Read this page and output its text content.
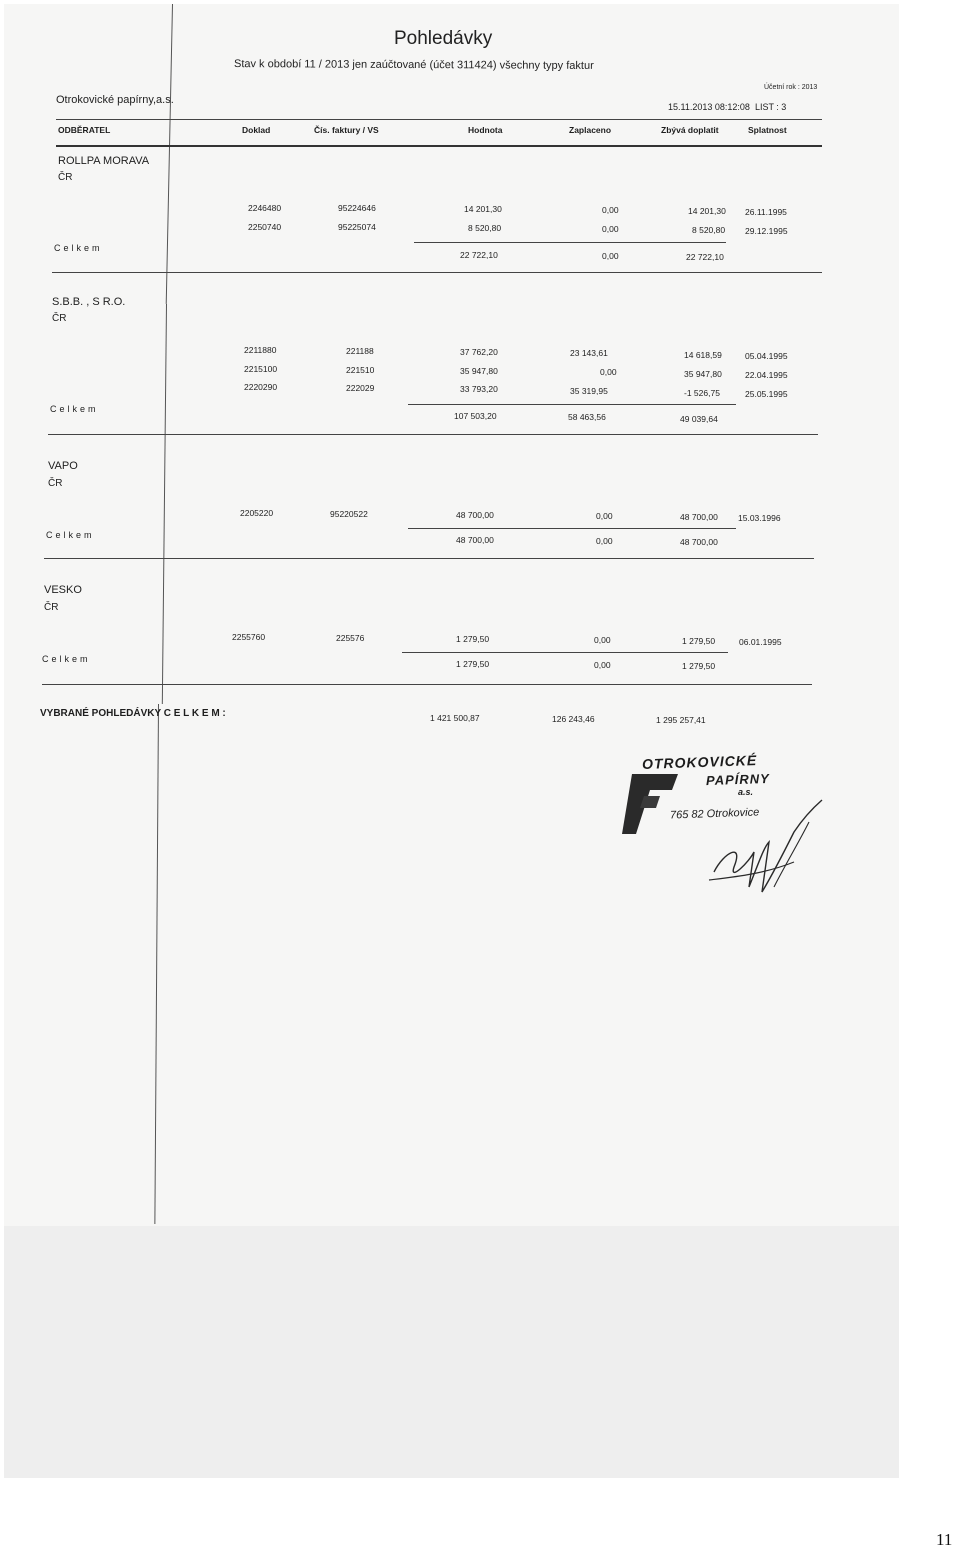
Pohledávky
Stav k období 11 / 2013 jen zaúčtované (účet 311424) všechny typy faktur
Otrokovické papírny,a.s.
Účetní rok : 2013
15.11.2013 08:12:08 LIST : 3
ODBĚRATEL	Doklad	Čís. faktury / VS	Hodnota	Zaplaceno	Zbývá doplatit	Splatnost
ROLLPA MORAVA
ČR
2246480	95224646	14 201,30	0,00	14 201,30 26.11.1995
2250740	95225074	8 520,80	0,00	8 520,80 29.12.1995
Celkem
22 722,10	0,00	22 722,10
S.B.B. , S R.O.
ČR
2211880	221188	37 762,20	23 143,61	14 618,59	05.04.1995
2215100	221510	35 947,80	0,00	35 947,80	22.04.1995
2220290	222029	33 793,20	35 319,95	-1 526,75	25.05.1995
Celkem
107 503,20	58 463,56	49 039,64
VAPO
ČR
2205220	95220522	48 700,00	0,00	48 700,00 15.03.1996
Celkem	48 700,00	0,00	48 700,00
VESKO
ČR
2255760	225576	1 279,50	0,00	1 279,50	06.01.1995
Celkem	1 279,50	0,00	1 279,50
VYBRANÉ POHLEDÁVKY C E L K E M :	1 421 500,87	126 243,46	1 295 257,41
OTROKOVICKÉ
PAPÍRNY
a.s.
765 82 Otrokovice
11
